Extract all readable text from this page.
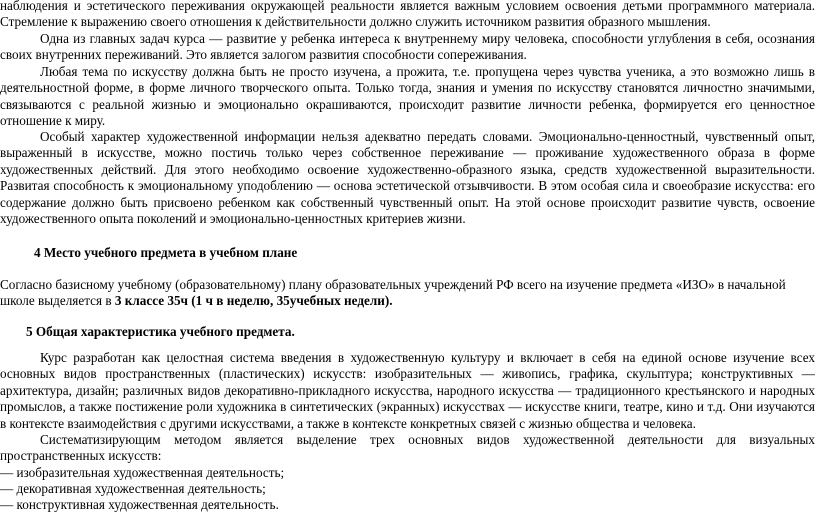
наблюдения и эстетического переживания окружающей реальности является важным условием освоения детьми программного материала. Стремление к выражению своего отношения к действительности должно служить источником развития образного мышления.

Одна из главных задач курса — развитие у ребенка интереса к внутреннему миру человека, способности углубления в себя, осознания своих внутренних переживаний. Это является залогом развития способности сопереживания.

Любая тема по искусству должна быть не просто изучена, а прожита, т.е. пропущена через чувства ученика, а это возможно лишь в деятельностной форме, в форме личного творческого опыта. Только тогда, знания и умения по искусству становятся личностно значимыми, связываются с реальной жизнью и эмоционально окрашиваются, происходит развитие личности ребенка, формируется его ценностное отношение к миру.

Особый характер художественной информации нельзя адекватно передать словами. Эмоционально-ценностный, чувственный опыт, выраженный в искусстве, можно постичь только через собственное переживание — проживание художественного образа в форме художественных действий. Для этого необходимо освоение художественно-образного языка, средств художественной выразительности. Развитая способность к эмоциональному уподоблению — основа эстетической отзывчивости. В этом особая сила и своеобразие искусства: его содержание должно быть присвоено ребенком как собственный чувственный опыт. На этой основе происходит развитие чувств, освоение художественного опыта поколений и эмоционально-ценностных критериев жизни.

4 Место учебного предмета в учебном плане

Согласно базисному учебному (образовательному) плану образовательных учреждений РФ всего на изучение предмета «ИЗО» в начальной школе выделяется в 3 классе 35ч (1 ч в неделю, 35учебных недели).

5 Общая характеристика учебного предмета.

Курс разработан как целостная система введения в художественную культуру и включает в себя на единой основе изучение всех основных видов пространственных (пластических) искусств: изобразительных — живопись, графика, скульптура; конструктивных — архитектура, дизайн; различных видов декоративно-прикладного искусства, народного искусства — традиционного крестьянского и народных промыслов, а также постижение роли художника в синтетических (экранных) искусствах — искусстве книги, театре, кино и т.д. Они изучаются в контексте взаимодействия с другими искусствами, а также в контексте конкретных связей с жизнью общества и человека.

Систематизирующим методом является выделение трех основных видов художественной деятельности для визуальных пространственных искусств:

— изобразительная художественная деятельность;

— декоративная художественная деятельность;

— конструктивная художественная деятельность.
